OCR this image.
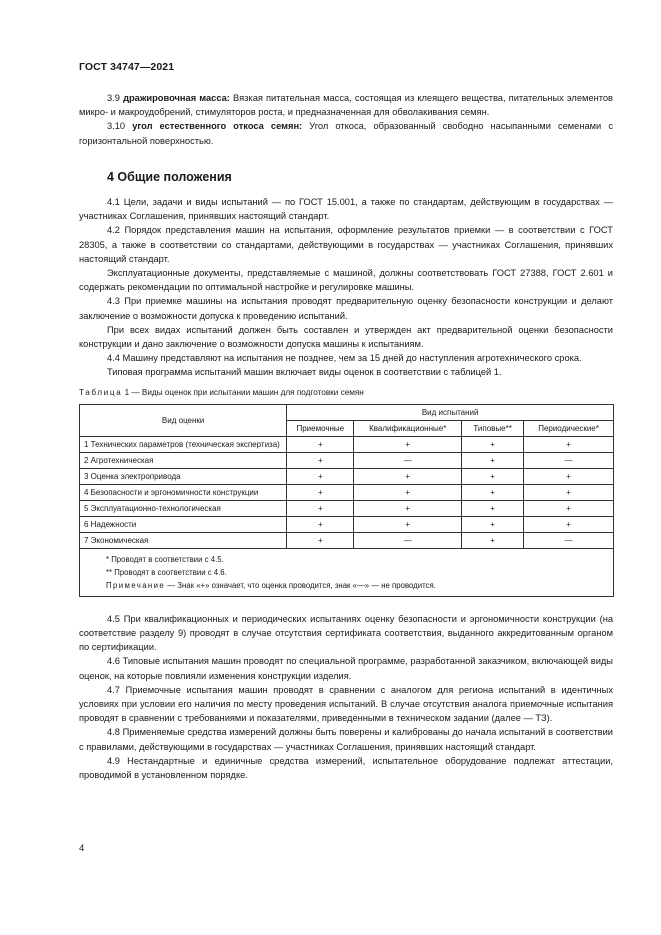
ГОСТ 34747—2021

3.9 дражировочная масса: Вязкая питательная масса, состоящая из клеящего вещества, питательных элементов микро- и макроудобрений, стимуляторов роста, и предназначенная для обволакивания семян.

3.10 угол естественного откоса семян: Угол откоса, образованный свободно насыпанными семенами с горизонтальной поверхностью.

4 Общие положения

4.1 Цели, задачи и виды испытаний — по ГОСТ 15.001, а также по стандартам, действующим в государствах — участниках Соглашения, принявших настоящий стандарт.

4.2 Порядок представления машин на испытания, оформление результатов приемки — в соответствии с ГОСТ 28305, а также в соответствии со стандартами, действующими в государствах — участниках Соглашения, принявших настоящий стандарт.

Эксплуатационные документы, представляемые с машиной, должны соответствовать ГОСТ 27388, ГОСТ 2.601 и содержать рекомендации по оптимальной настройке и регулировке машины.

4.3 При приемке машины на испытания проводят предварительную оценку безопасности конструкции и делают заключение о возможности допуска к проведению испытаний.

При всех видах испытаний должен быть составлен и утвержден акт предварительной оценки безопасности конструкции и дано заключение о возможности допуска машины к испытаниям.

4.4 Машину представляют на испытания не позднее, чем за 15 дней до наступления агротехнического срока.

Типовая программа испытаний машин включает виды оценок в соответствии с таблицей 1.

Таблица 1 — Виды оценок при испытании машин для подготовки семян
Вид оценки	Вид испытаний			
	Приемочные	Квалификационные*	Типовые**	Периодические*
1 Технических параметров (техническая экспертиза)	+	+	+	+
2 Агротехническая	+	—	+	—
3 Оценка электропривода	+	+	+	+
4 Безопасности и эргономичности конструкции	+	+	+	+
5 Эксплуатационно-технологическая	+	+	+	+
6 Надежности	+	+	+	+
7 Экономическая	+	—	+	—

* Проводят в соответствии с 4.5.
** Проводят в соответствии с 4.6.
Примечание — Знак «+» означает, что оценка проводится, знак «—» — не проводится.				

4.5 При квалификационных и периодических испытаниях оценку безопасности и эргономичности конструкции (на соответствие разделу 9) проводят в случае отсутствия сертификата соответствия, выданного аккредитованным органом по сертификации.

4.6 Типовые испытания машин проводят по специальной программе, разработанной заказчиком, включающей виды оценок, на которые повлияли изменения конструкции изделия.

4.7 Приемочные испытания машин проводят в сравнении с аналогом для региона испытаний в идентичных условиях при условии его наличия по месту проведения испытаний. В случае отсутствия аналога приемочные испытания проводят в сравнении с требованиями и показателями, приведенными в техническом задании (далее — ТЗ).

4.8 Применяемые средства измерений должны быть поверены и калиброваны до начала испытаний в соответствии с правилами, действующими в государствах — участниках Соглашения, принявших настоящий стандарт.

4.9 Нестандартные и единичные средства измерений, испытательное оборудование подлежат аттестации, проводимой в установленном порядке.

4
